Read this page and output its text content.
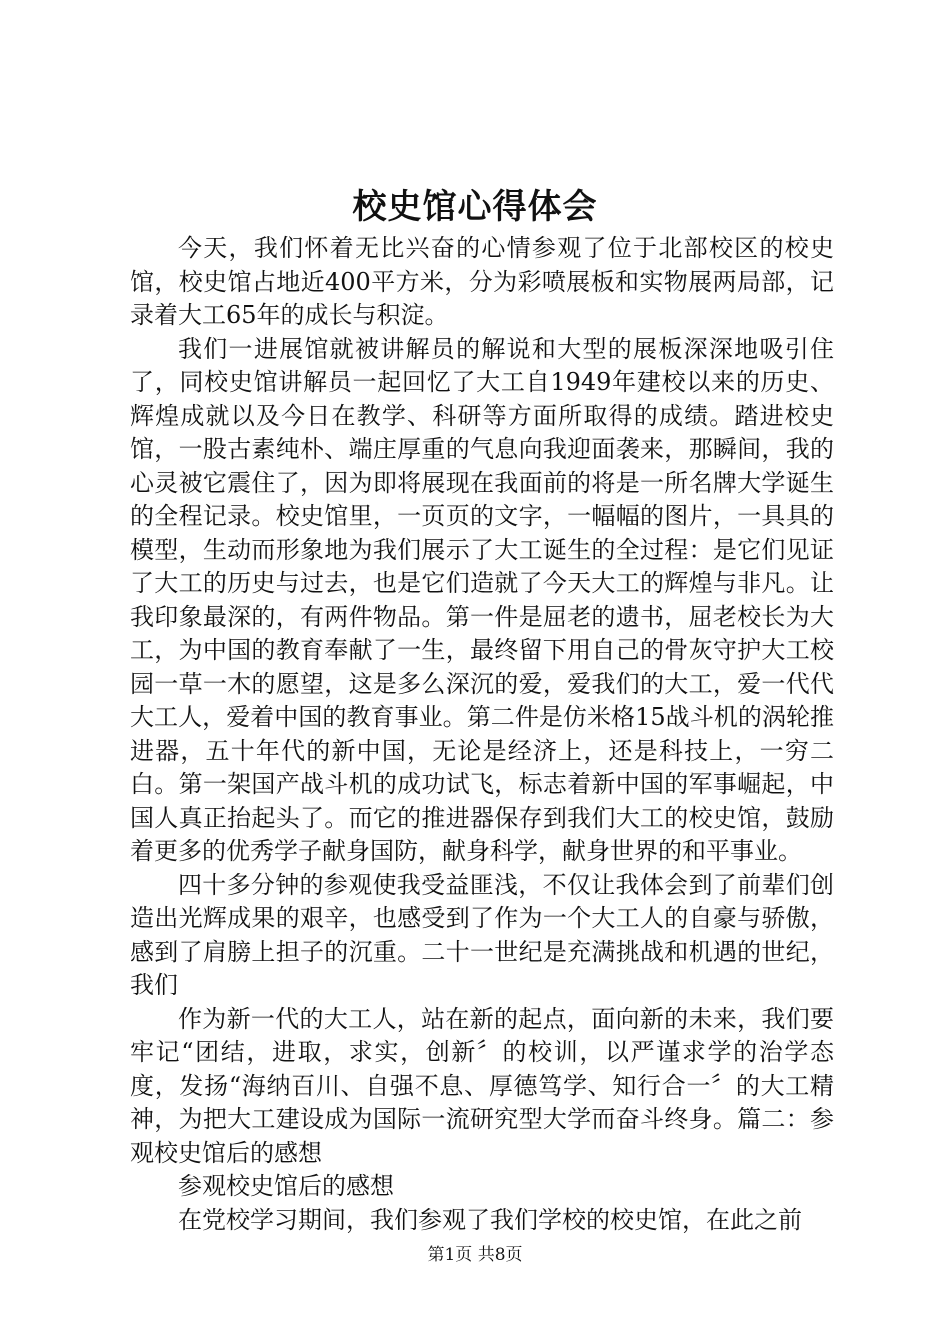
校史馆心得体会

今天，我们怀着无比兴奋的心情参观了位于北部校区的校史馆，校史馆占地近400平方米，分为彩喷展板和实物展两局部，记录着大工65年的成长与积淀。

我们一进展馆就被讲解员的解说和大型的展板深深地吸引住了，同校史馆讲解员一起回忆了大工自1949年建校以来的历史、辉煌成就以及今日在教学、科研等方面所取得的成绩。踏进校史馆，一股古素纯朴、端庄厚重的气息向我迎面袭来，那瞬间，我的心灵被它震住了，因为即将展现在我面前的将是一所名牌大学诞生的全程记录。校史馆里，一页页的文字，一幅幅的图片，一具具的模型，生动而形象地为我们展示了大工诞生的全过程：是它们见证了大工的历史与过去，也是它们造就了今天大工的辉煌与非凡。让我印象最深的，有两件物品。第一件是屈老的遗书，屈老校长为大工，为中国的教育奉献了一生，最终留下用自己的骨灰守护大工校园一草一木的愿望，这是多么深沉的爱，爱我们的大工，爱一代代大工人，爱着中国的教育事业。第二件是仿米格15战斗机的涡轮推进器，五十年代的新中国，无论是经济上，还是科技上，一穷二白。第一架国产战斗机的成功试飞，标志着新中国的军事崛起，中国人真正抬起头了。而它的推进器保存到我们大工的校史馆，鼓励着更多的优秀学子献身国防，献身科学，献身世界的和平事业。

四十多分钟的参观使我受益匪浅，不仅让我体会到了前辈们创造出光辉成果的艰辛，也感受到了作为一个大工人的自豪与骄傲，感到了肩膀上担子的沉重。二十一世纪是充满挑战和机遇的世纪，我们

作为新一代的大工人，站在新的起点，面向新的未来，我们要牢记“团结，进取，求实，创新〞的校训，以严谨求学的治学态度，发扬“海纳百川、自强不息、厚德笃学、知行合一〞的大工精神，为把大工建设成为国际一流研究型大学而奋斗终身。篇二：参观校史馆后的感想

参观校史馆后的感想

在党校学习期间，我们参观了我们学校的校史馆，在此之前

第1页 共8页
